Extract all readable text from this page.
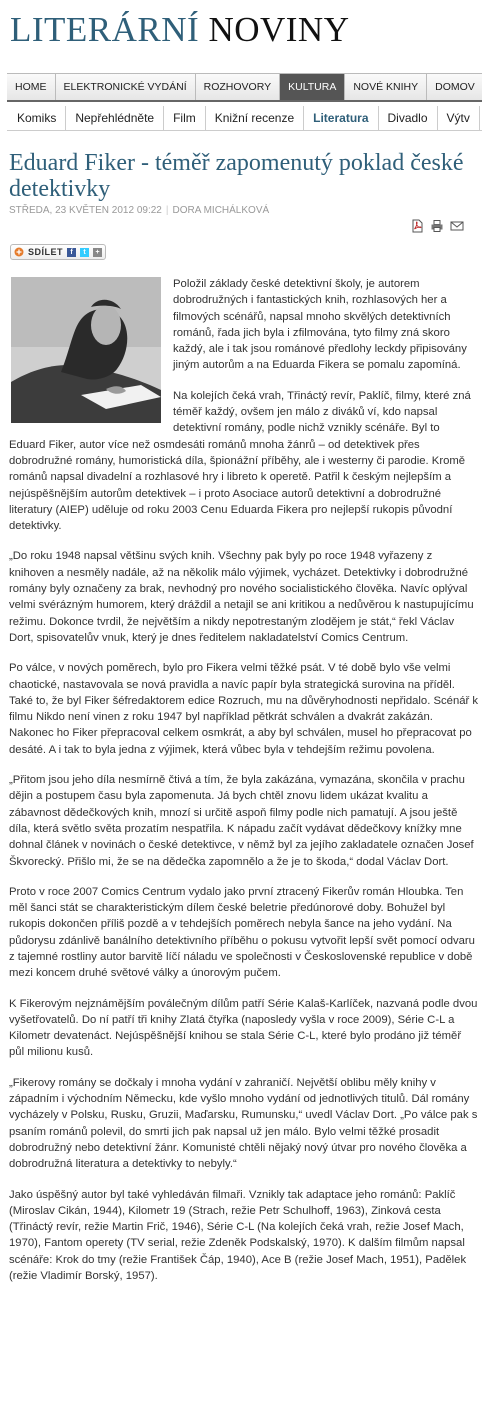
LITERÁRNÍ NOVINY
HOME	ELEKTRONICKÉ VYDÁNÍ	ROZHOVORY	KULTURA	NOVÉ KNIHY	DOMOV
Komiks	Nepřehlédněte	Film	Knižní recenze	Literatura	Divadlo	Výtv
Eduard Fiker - téměř zapomenutý poklad české detektivky
STŘEDA, 23 KVĚTEN 2012 09:22 | DORA MICHÁLKOVÁ
SDÍLET	f	t	+

Položil základy české detektivní školy, je autorem dobrodružných i fantastických knih, rozhlasových her a filmových scénářů, napsal mnoho skvělých detektivních románů, řada jich byla i zfilmována, tyto filmy zná skoro každý, ale i tak jsou románové předlohy leckdy připisovány jiným autorům a na Eduarda Fikera se pomalu zapomíná.

Na kolejích čeká vrah, Třináctý revír, Paklíč, filmy, které zná téměř každý, ovšem jen málo z diváků ví, kdo napsal detektivní romány, podle nichž vznikly scénáře. Byl to Eduard Fiker, autor více než osmdesáti románů mnoha žánrů – od detektivek přes dobrodružné romány, humoristická díla, špionážní příběhy, ale i westerny či parodie. Kromě románů napsal divadelní a rozhlasové hry i libreto k operetě. Patřil k českým nejlepším a nejúspěšnějším autorům detektivek – i proto Asociace autorů detektivní a dobrodružné literatury (AIEP) uděluje od roku 2003 Cenu Eduarda Fikera pro nejlepší rukopis původní detektivky.

„Do roku 1948 napsal většinu svých knih. Všechny pak byly po roce 1948 vyřazeny z knihoven a nesměly nadále, až na několik málo výjimek, vycházet. Detektivky i dobrodružné romány byly označeny za brak, nevhodný pro nového socialistického člověka. Navíc oplýval velmi svérázným humorem, který dráždil a netajil se ani kritikou a nedůvěrou k nastupujícímu režimu. Dokonce tvrdil, že největším a nikdy nepotrestaným zlodějem je stát,“ řekl Václav Dort, spisovatelův vnuk, který je dnes ředitelem nakladatelství Comics Centrum.

Po válce, v nových poměrech, bylo pro Fikera velmi těžké psát. V té době bylo vše velmi chaotické, nastavovala se nová pravidla a navíc papír byla strategická surovina na příděl. Také to, že byl Fiker šéfredaktorem edice Rozruch, mu na důvěryhodnosti nepřidalo. Scénář k filmu Nikdo není vinen z roku 1947 byl například pětkrát schválen a dvakrát zakázán. Nakonec ho Fiker přepracoval celkem osmkrát, a aby byl schválen, musel ho přepracovat po desáté. A i tak to byla jedna z výjimek, která vůbec byla v tehdejším režimu povolena.

„Přitom jsou jeho díla nesmírně čtivá a tím, že byla zakázána, vymazána, skončila v prachu dějin a postupem času byla zapomenuta. Já bych chtěl znovu lidem ukázat kvalitu a zábavnost dědečkových knih, mnozí si určitě aspoň filmy podle nich pamatují. A jsou ještě díla, která světlo světa prozatím nespatřila. K nápadu začít vydávat dědečkovy knížky mne dohnal článek v novinách o české detektivce, v němž byl za jejího zakladatele označen Josef Škvorecký. Přišlo mi, že se na dědečka zapomnělo a že je to škoda,“ dodal Václav Dort.

Proto v roce 2007 Comics Centrum vydalo jako první ztracený Fikerův román Hloubka. Ten měl šanci stát se charakteristickým dílem české beletrie předúnorové doby. Bohužel byl rukopis dokončen příliš pozdě a v tehdejších poměrech nebyla šance na jeho vydání. Na půdorysu zdánlivě banálního detektivního příběhu o pokusu vytvořit lepší svět pomocí odvaru z tajemné rostliny autor barvitě líčí náladu ve společnosti v Československé republice v době mezi koncem druhé světové války a únorovým pučem.

K Fikerovým nejznámějším poválečným dílům patří Série Kalaš-Karlíček, nazvaná podle dvou vyšetřovatelů. Do ní patří tři knihy Zlatá čtyřka (naposledy vyšla v roce 2009), Série C-L a Kilometr devatenáct. Nejúspěšnější knihou se stala Série C-L, které bylo prodáno již téměř půl milionu kusů.

„Fikerovy romány se dočkaly i mnoha vydání v zahraničí. Největší oblibu měly knihy v západním i východním Německu, kde vyšlo mnoho vydání od jednotlivých titulů. Dál romány vycházely v Polsku, Rusku, Gruzii, Maďarsku, Rumunsku,“ uvedl Václav Dort. „Po válce pak s psaním románů polevil, do smrti jich pak napsal už jen málo. Bylo velmi těžké prosadit dobrodružný nebo detektivní žánr. Komunisté chtěli nějaký nový útvar pro nového člověka a dobrodružná literatura a detektivky to nebyly.“

Jako úspěšný autor byl také vyhledáván filmaři. Vznikly tak adaptace jeho románů: Paklíč (Miroslav Cikán, 1944), Kilometr 19 (Strach, režie Petr Schulhoff, 1963), Zinková cesta (Třináctý revír, režie Martin Frič, 1946), Série C-L (Na kolejích čeká vrah, režie Josef Mach, 1970), Fantom operety (TV serial, režie Zdeněk Podskalský, 1970). K dalším filmům napsal scénáře: Krok do tmy (režie František Čáp, 1940), Ace B (režie Josef Mach, 1951), Padělek (režie Vladimír Borský, 1957).
